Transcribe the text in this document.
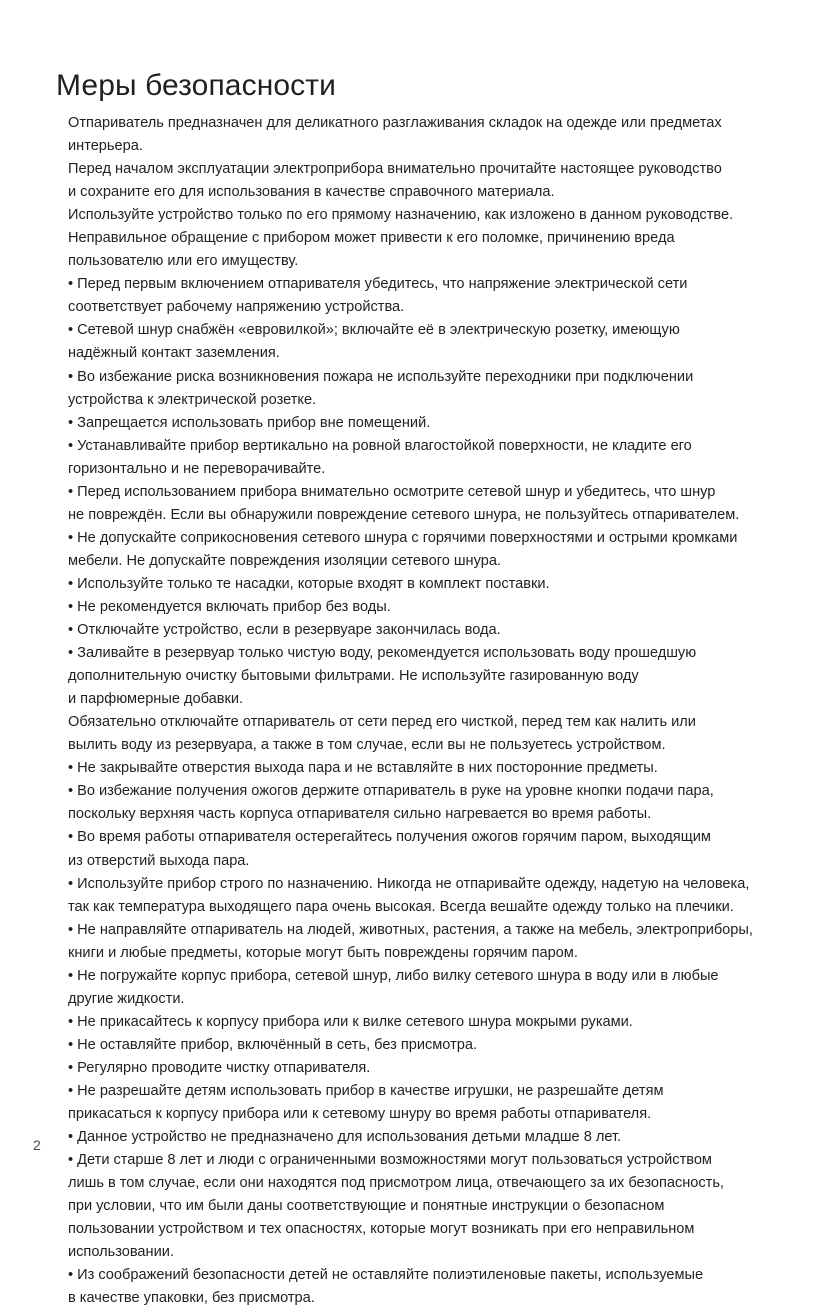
Меры безопасности
Отпариватель предназначен для деликатного разглаживания складок на одежде или предметах
интерьера.
Перед началом эксплуатации электроприбора внимательно прочитайте настоящее руководство
и сохраните его для использования в качестве справочного материала.
Используйте устройство только по его прямому назначению, как изложено в данном руководстве.
Неправильное обращение с прибором может привести к его поломке, причинению вреда
пользователю или его имуществу.
• Перед первым включением отпаривателя убедитесь, что напряжение электрической сети
соответствует рабочему напряжению устройства.
• Сетевой шнур снабжён «евровилкой»; включайте её в электрическую розетку, имеющую
надёжный контакт заземления.
• Во избежание риска возникновения пожара не используйте переходники при подключении
устройства к электрической розетке.
• Запрещается использовать прибор вне помещений.
• Устанавливайте прибор вертикально на ровной влагостойкой поверхности, не кладите его
горизонтально и не переворачивайте.
• Перед использованием прибора внимательно осмотрите сетевой шнур и убедитесь, что шнур
не повреждён. Если вы обнаружили повреждение сетевого шнура, не пользуйтесь отпаривателем.
• Не допускайте соприкосновения сетевого шнура с горячими поверхностями и острыми кромками
мебели. Не допускайте повреждения изоляции сетевого шнура.
• Используйте только те насадки, которые входят в комплект поставки.
• Не рекомендуется включать прибор без воды.
• Отключайте устройство, если в резервуаре закончилась вода.
• Заливайте в резервуар только чистую воду, рекомендуется использовать воду прошедшую
дополнительную очистку бытовыми фильтрами. Не используйте газированную воду
и парфюмерные добавки.
Обязательно отключайте отпариватель от сети перед его чисткой, перед тем как налить или
вылить воду из резервуара, а также в том случае, если вы не пользуетесь устройством.
• Не закрывайте отверстия выхода пара и не вставляйте в них посторонние предметы.
• Во избежание получения ожогов держите отпариватель в руке на уровне кнопки подачи пара,
поскольку верхняя часть корпуса отпаривателя сильно нагревается во время работы.
• Во время работы отпаривателя остерегайтесь получения ожогов горячим паром, выходящим
из отверстий выхода пара.
• Используйте прибор строго по назначению. Никогда не отпаривайте одежду, надетую на человека,
так как температура выходящего пара очень высокая. Всегда вешайте одежду только на плечики.
• Не направляйте отпариватель на людей, животных, растения, а также на мебель, электроприборы,
книги и любые предметы, которые могут быть повреждены горячим паром.
• Не погружайте корпус прибора, сетевой шнур, либо вилку сетевого шнура в воду или в любые
другие жидкости.
• Не прикасайтесь к корпусу прибора или к вилке сетевого шнура мокрыми руками.
• Не оставляйте прибор, включённый в сеть, без присмотра.
• Регулярно проводите чистку отпаривателя.
• Не разрешайте детям использовать прибор в качестве игрушки, не разрешайте детям
прикасаться к корпусу прибора или к сетевому шнуру во время работы отпаривателя.
• Данное устройство не предназначено для использования детьми младше 8 лет.
• Дети старше 8 лет и люди с ограниченными возможностями могут пользоваться устройством
лишь в том случае, если они находятся под присмотром лица, отвечающего за их безопасность,
при условии, что им были даны соответствующие и понятные инструкции о безопасном
пользовании устройством и тех опасностях, которые могут возникать при его неправильном
использовании.
• Из соображений безопасности детей не оставляйте полиэтиленовые пакеты, используемые
в качестве упаковки, без присмотра.
2
